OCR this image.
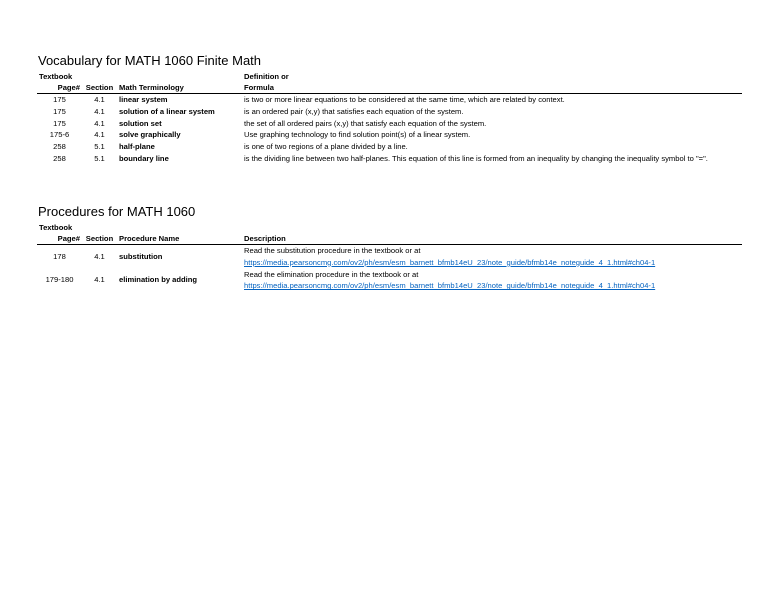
Vocabulary for MATH 1060 Finite Math
Textbook			Definition or
Page#	Section	Math Terminology	Formula
175	4.1	linear system	is two or more linear equations to be considered at the same time, which are related by context.
175	4.1	solution of a linear system	is an ordered pair (x,y) that satisfies each equation of the system.
175	4.1	solution set	the set of all ordered pairs (x,y) that satisfy each equation of the system.
175-6	4.1	solve graphically	Use graphing technology to find solution point(s) of a linear system.
258	5.1	half-plane	is one of two regions of a plane divided by a line.
258	5.1	boundary line	is the dividing line between two half-planes. This equation of this line is formed from an inequality by changing the inequality symbol to "=".
Procedures for MATH 1060
Textbook			
Page#	Section	Procedure Name	Description
178	4.1	substitution	Read the substitution procedure in the textbook or at
https://media.pearsoncmg.com/ov2/ph/esm/esm_barnett_bfmb14eU_23/note_guide/bfmb14e_noteguide_4_1.html#ch04-1

179-180	4.1	elimination by adding	Read the elimination procedure in the textbook or at
https://media.pearsoncmg.com/ov2/ph/esm/esm_barnett_bfmb14eU_23/note_guide/bfmb14e_noteguide_4_1.html#ch04-1
